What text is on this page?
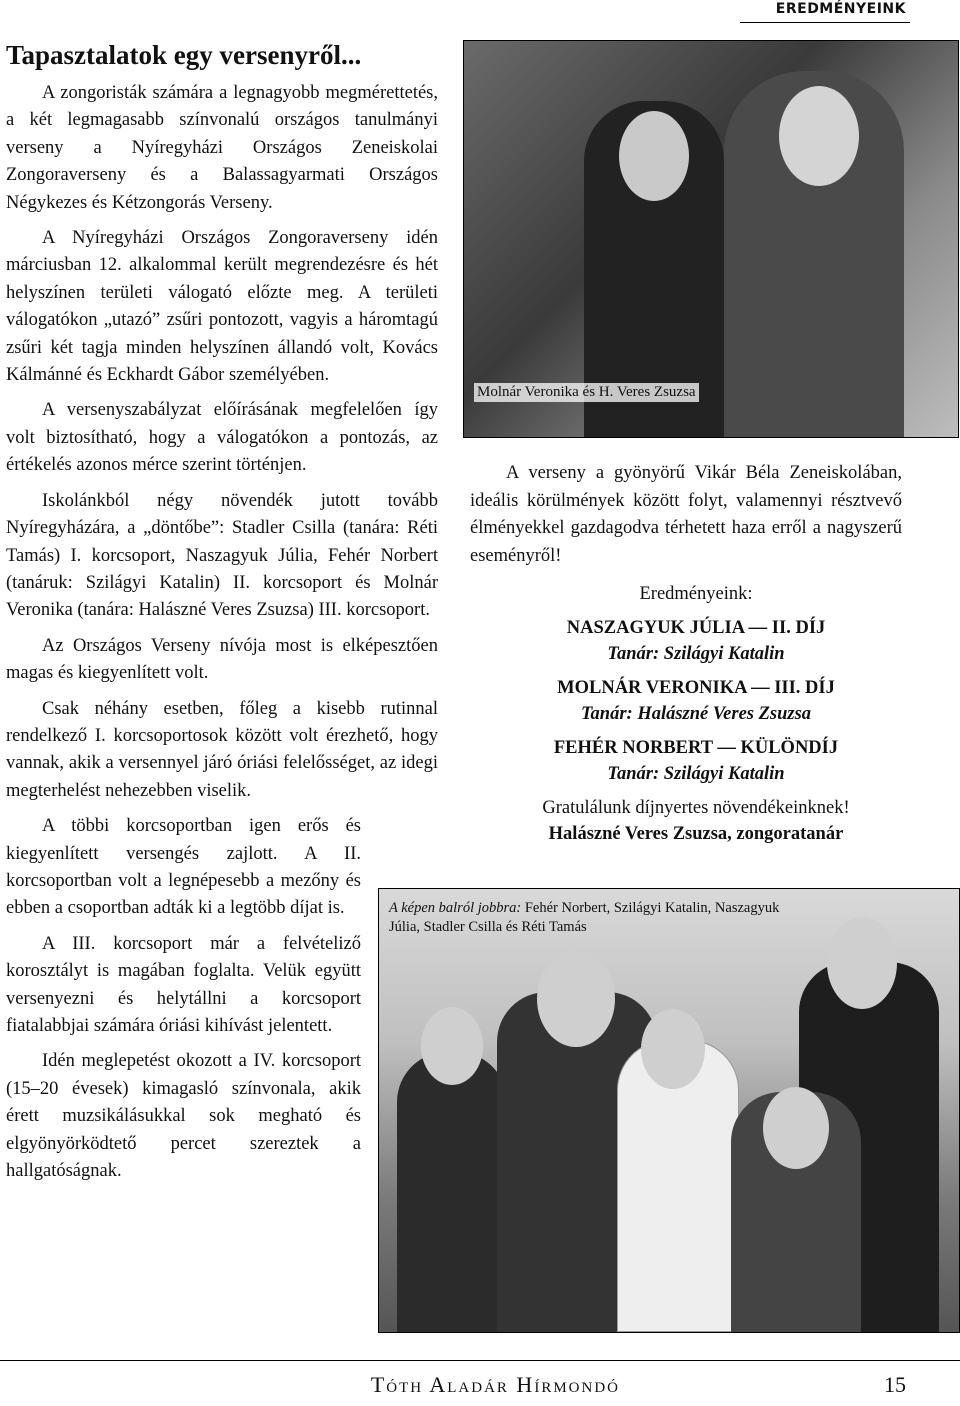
EREDMÉNYEINK
Tapasztalatok egy versenyről...

A zongoristák számára a legnagyobb megmérettetés, a két legmagasabb színvonalú országos tanulmányi verseny a Nyíregyházi Országos Zeneiskolai Zongoraverseny és a Balassagyarmati Országos Négykezes és Kétzongorás Verseny.

A Nyíregyházi Országos Zongoraverseny idén márciusban 12. alkalommal került megrendezésre és hét helyszínen területi válogató előzte meg. A területi válogatókon „utazó” zsűri pontozott, vagyis a háromtagú zsűri két tagja minden helyszínen állandó volt, Kovács Kálmánné és Eckhardt Gábor személyében.

A versenyszabályzat előírásának megfelelően így volt biztosítható, hogy a válogatókon a pontozás, az értékelés azonos mérce szerint történjen.

Iskolánkból négy növendék jutott tovább Nyíregyházára, a „döntőbe”: Stadler Csilla (tanára: Réti Tamás) I. korcsoport, Naszagyuk Júlia, Fehér Norbert (tanáruk: Szilágyi Katalin) II. korcsoport és Molnár Veronika (tanára: Halászné Veres Zsuzsa) III. korcsoport.

Az Országos Verseny nívója most is elképesztően magas és kiegyenlített volt.

Csak néhány esetben, főleg a kisebb rutinnal rendelkező I. korcsoportosok között volt érezhető, hogy vannak, akik a versennyel járó óriási felelősséget, az idegi megterhelést nehezebben viselik.

A többi korcsoportban igen erős és kiegyenlített versengés zajlott. A II. korcsoportban volt a legnépesebb a mezőny és ebben a csoportban adták ki a legtöbb díjat is.

A III. korcsoport már a felvételiző korosztályt is magában foglalta. Velük együtt versenyezni és helytállni a korcsoport fiatalabbjai számára óriási kihívást jelentett.

Idén meglepetést okozott a IV. korcsoport (15–20 évesek) kimagasló színvonala, akik érett muzsikálásukkal sok megható és elgyönyörködtető percet szereztek a hallgatóságnak.

Molnár Veronika és H. Veres Zsuzsa

A verseny a gyönyörű Vikár Béla Zeneiskolában, ideális körülmények között folyt, valamennyi résztvevő élményekkel gazdagodva térhetett haza erről a nagyszerű eseményről!

Eredményeink:
NASZAGYUK JÚLIA — II. DÍJ
Tanár: Szilágyi Katalin
MOLNÁR VERONIKA — III. DÍJ
Tanár: Halászné Veres Zsuzsa
FEHÉR NORBERT — KÜLÖNDÍJ
Tanár: Szilágyi Katalin
Gratulálunk díjnyertes növendékeinknek!
Halászné Veres Zsuzsa, zongoratanár
A képen balról jobbra: Fehér Norbert, Szilágyi Katalin, Naszagyuk Júlia, Stadler Csilla és Réti Tamás
Tóth Aladár Hírmondó	15
